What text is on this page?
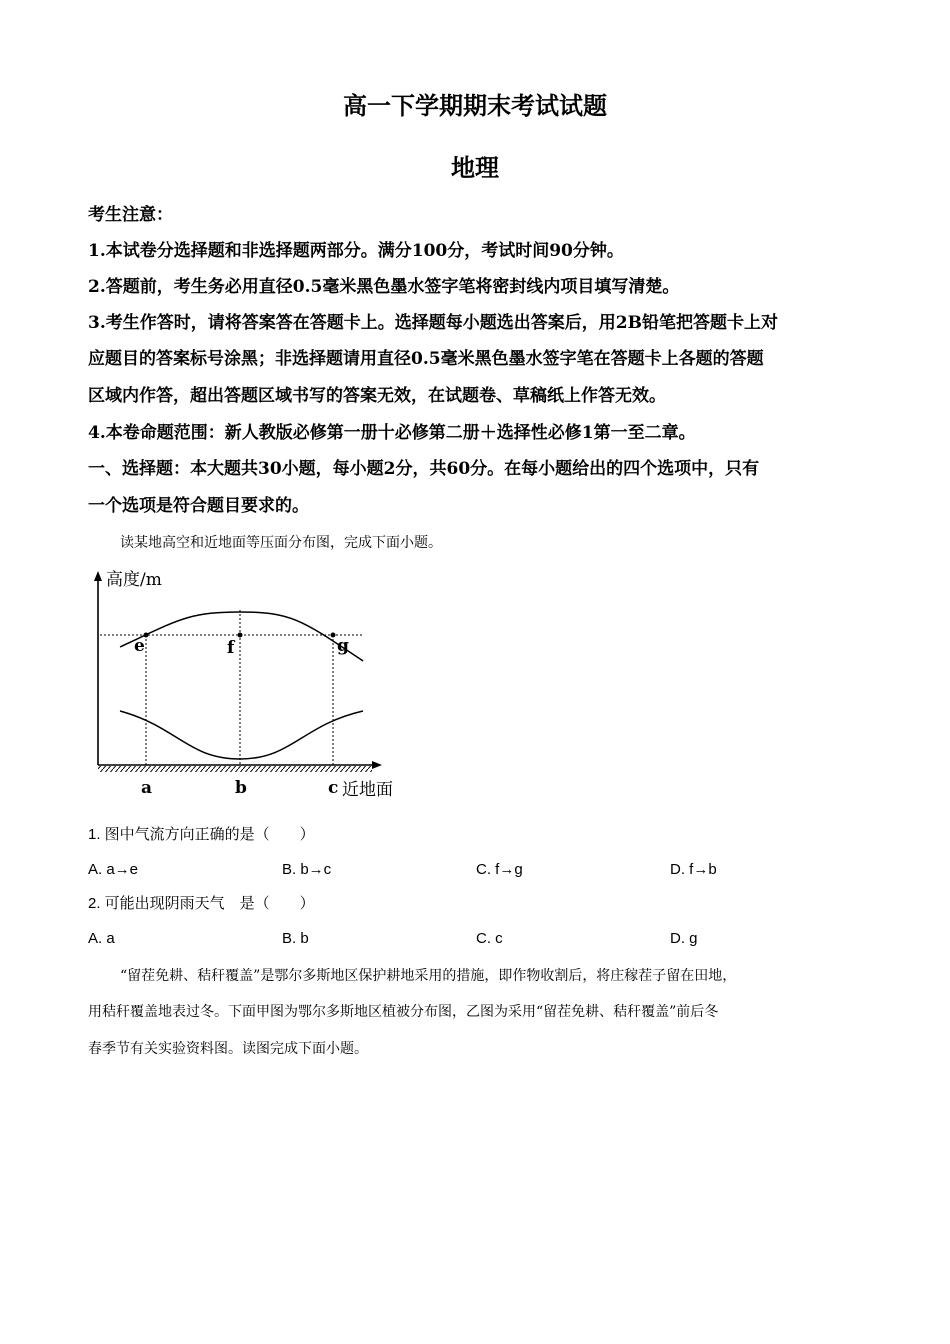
高一下学期期末考试试题
地理
考生注意：
1.本试卷分选择题和非选择题两部分。满分100分，考试时间90分钟。
2.答题前，考生务必用直径0.5毫米黑色墨水签字笔将密封线内项目填写清楚。
3.考生作答时，请将答案答在答题卡上。选择题每小题选出答案后，用2B铅笔把答题卡上对
应题目的答案标号涂黑；非选择题请用直径0.5毫米黑色墨水签字笔在答题卡上各题的答题
区域内作答，超出答题区域书写的答案无效，在试题卷、草稿纸上作答无效。
4.本卷命题范围：新人教版必修第一册十必修第二册＋选择性必修1第一至二章。
一、选择题：本大题共30小题，每小题2分，共60分。在每小题给出的四个选项中，只有
一个选项是符合题目要求的。
读某地高空和近地面等压面分布图，完成下面小题。
高度/m
近地面
e	f	g
a	b	c
1. 图中气流方向正确的是（　　）
A. a→e	B. b→c	C. f→g	D. f→b
2. 可能出现阴雨天气　是（　　）
A. a	B. b	C. c	D. g
“留茬免耕、秸秆覆盖”是鄂尔多斯地区保护耕地采用的措施，即作物收割后，将庄稼茬子留在田地，
用秸秆覆盖地表过冬。下面甲图为鄂尔多斯地区植被分布图，乙图为采用“留茬免耕、秸秆覆盖”前后冬
春季节有关实验资料图。读图完成下面小题。
